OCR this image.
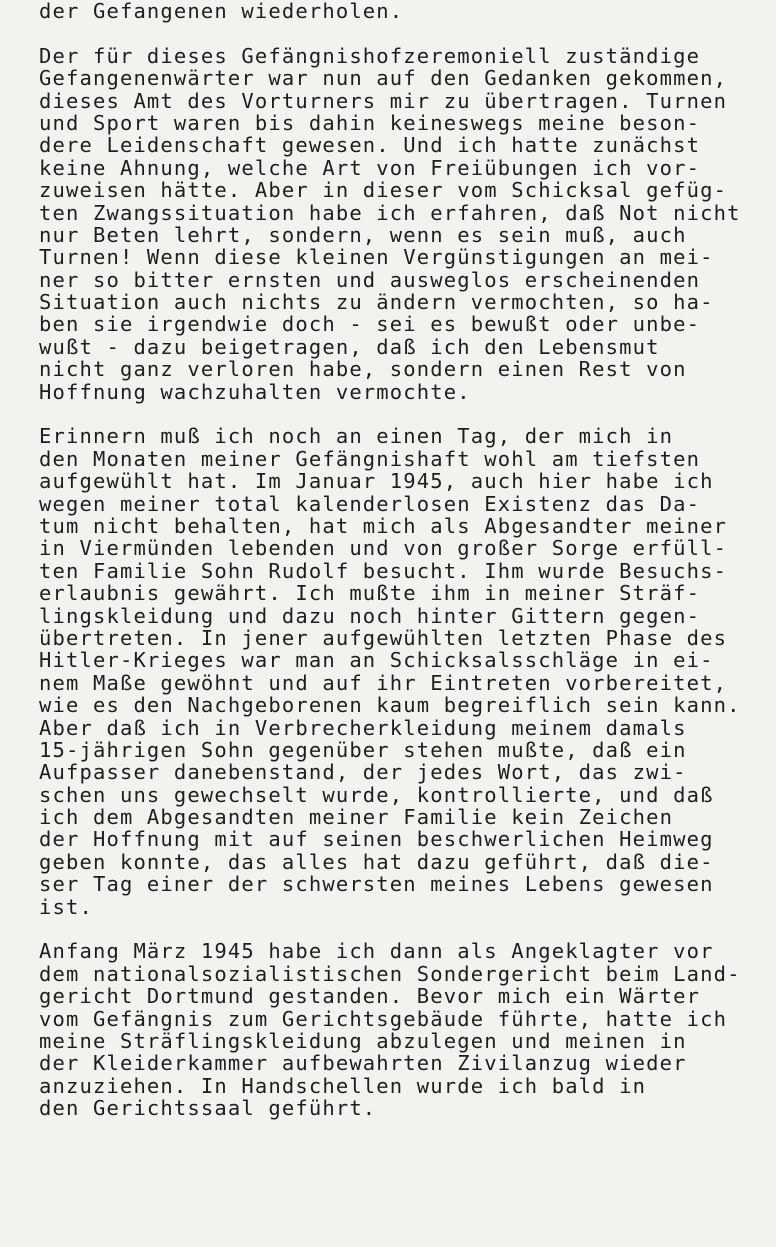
der Gefangenen wiederholen.
Der für dieses Gefängnishofzeremoniell zuständige
Gefangenenwärter war nun auf den Gedanken gekommen,
dieses Amt des Vorturners mir zu übertragen. Turnen
und Sport waren bis dahin keineswegs meine beson-
dere Leidenschaft gewesen. Und ich hatte zunächst
keine Ahnung, welche Art von Freiübungen ich vor-
zuweisen hätte. Aber in dieser vom Schicksal gefüg-
ten Zwangssituation habe ich erfahren, daß Not nicht
nur Beten lehrt, sondern, wenn es sein muß, auch
Turnen! Wenn diese kleinen Vergünstigungen an mei-
ner so bitter ernsten und ausweglos erscheinenden
Situation auch nichts zu ändern vermochten, so ha-
ben sie irgendwie doch - sei es bewußt oder unbe-
wußt - dazu beigetragen, daß ich den Lebensmut
nicht ganz verloren habe, sondern einen Rest von
Hoffnung wachzuhalten vermochte.
Erinnern muß ich noch an einen Tag, der mich in
den Monaten meiner Gefängnishaft wohl am tiefsten
aufgewühlt hat. Im Januar 1945, auch hier habe ich
wegen meiner total kalenderlosen Existenz das Da-
tum nicht behalten, hat mich als Abgesandter meiner
in Viermünden lebenden und von großer Sorge erfüll-
ten Familie Sohn Rudolf besucht. Ihm wurde Besuchs-
erlaubnis gewährt. Ich mußte ihm in meiner Sträf-
lingskleidung und dazu noch hinter Gittern gegen-
übertreten. In jener aufgewühlten letzten Phase des
Hitler-Krieges war man an Schicksalsschläge in ei-
nem Maße gewöhnt und auf ihr Eintreten vorbereitet,
wie es den Nachgeborenen kaum begreiflich sein kann.
Aber daß ich in Verbrecherkleidung meinem damals
15-jährigen Sohn gegenüber stehen mußte, daß ein
Aufpasser danebenstand, der jedes Wort, das zwi-
schen uns gewechselt wurde, kontrollierte, und daß
ich dem Abgesandten meiner Familie kein Zeichen
der Hoffnung mit auf seinen beschwerlichen Heimweg
geben konnte, das alles hat dazu geführt, daß die-
ser Tag einer der schwersten meines Lebens gewesen
ist.
Anfang März 1945 habe ich dann als Angeklagter vor
dem nationalsozialistischen Sondergericht beim Land-
gericht Dortmund gestanden. Bevor mich ein Wärter
vom Gefängnis zum Gerichtsgebäude führte, hatte ich
meine Sträflingskleidung abzulegen und meinen in
der Kleiderkammer aufbewahrten Zivilanzug wieder
anzuziehen. In Handschellen wurde ich bald in
den Gerichtssaal geführt.
